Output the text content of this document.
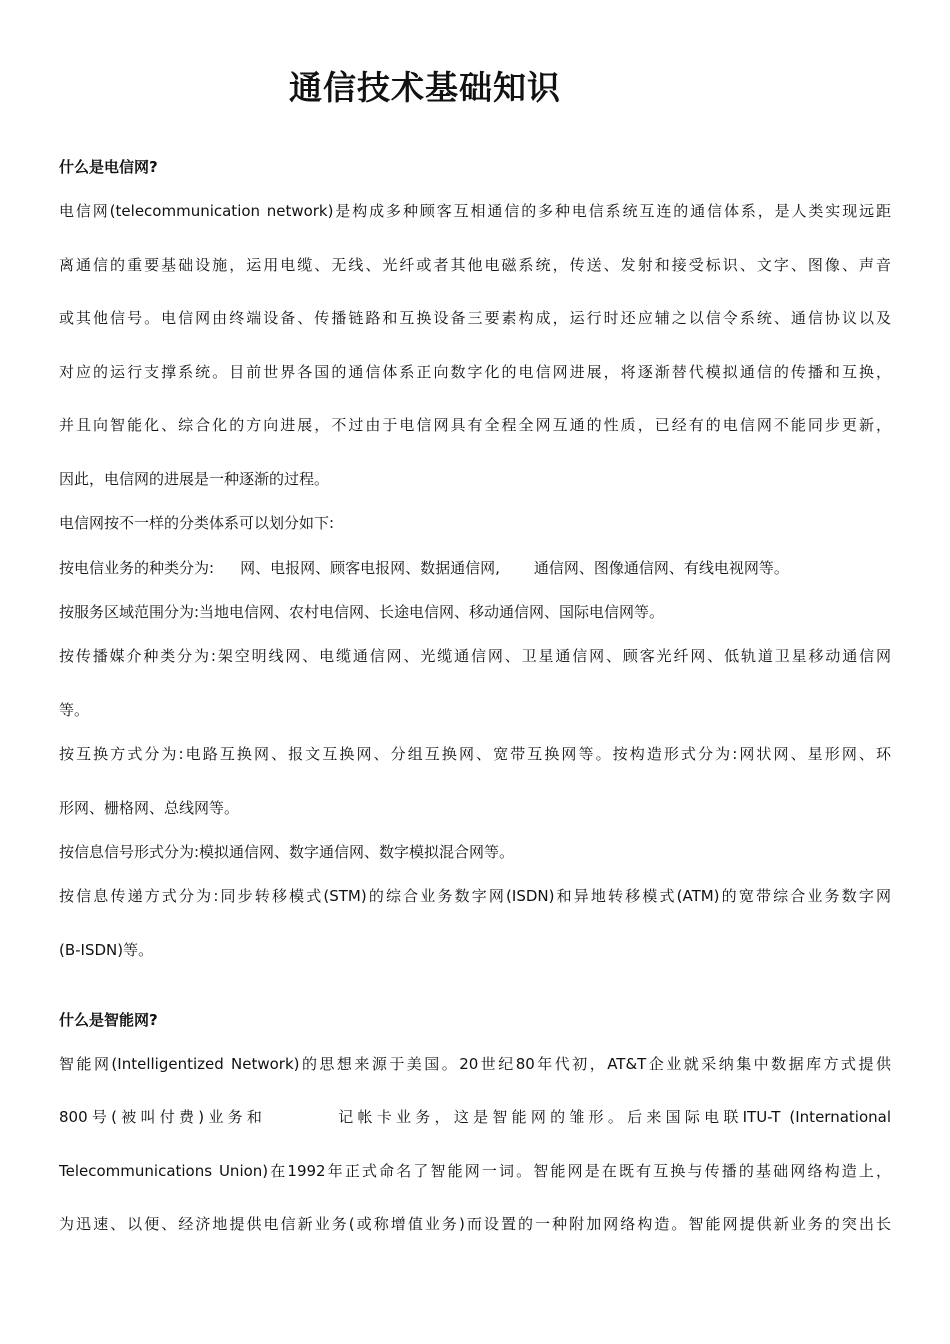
通信技术基础知识
什么是电信网?

电信网(telecommunication network)是构成多种顾客互相通信的多种电信系统互连的通信体系，是人类实现远距

离通信的重要基础设施，运用电缆、无线、光纤或者其他电磁系统，传送、发射和接受标识、文字、图像、声音

或其他信号。电信网由终端设备、传播链路和互换设备三要素构成，运行时还应辅之以信令系统、通信协议以及

对应的运行支撑系统。目前世界各国的通信体系正向数字化的电信网进展，将逐渐替代模拟通信的传播和互换，

并且向智能化、综合化的方向进展，不过由于电信网具有全程全网互通的性质，已经有的电信网不能同步更新，

因此，电信网的进展是一种逐渐的过程。

电信网按不一样的分类体系可以划分如下:

按电信业务的种类分为: 网、电报网、顾客电报网、数据通信网, 通信网、图像通信网、有线电视网等。

按服务区域范围分为:当地电信网、农村电信网、长途电信网、移动通信网、国际电信网等。

按传播媒介种类分为:架空明线网、电缆通信网、光缆通信网、卫星通信网、顾客光纤网、低轨道卫星移动通信网

等。

按互换方式分为:电路互换网、报文互换网、分组互换网、宽带互换网等。按构造形式分为:网状网、星形网、环

形网、栅格网、总线网等。

按信息信号形式分为:模拟通信网、数字通信网、数字模拟混合网等。

按信息传递方式分为:同步转移模式(STM)的综合业务数字网(ISDN)和异地转移模式(ATM)的宽带综合业务数字网

(B-ISDN)等。

什么是智能网?

智能网(Intelligentized Network)的思想来源于美国。20世纪80年代初，AT&T企业就采纳集中数据库方式提供

800号(被叫付费)业务和        记帐卡业务，这是智能网的雏形。后来国际电联ITU-T (International

Telecommunications Union)在1992年正式命名了智能网一词。智能网是在既有互换与传播的基础网络构造上，

为迅速、以便、经济地提供电信新业务(或称增值业务)而设置的一种附加网络构造。智能网提供新业务的突出长
